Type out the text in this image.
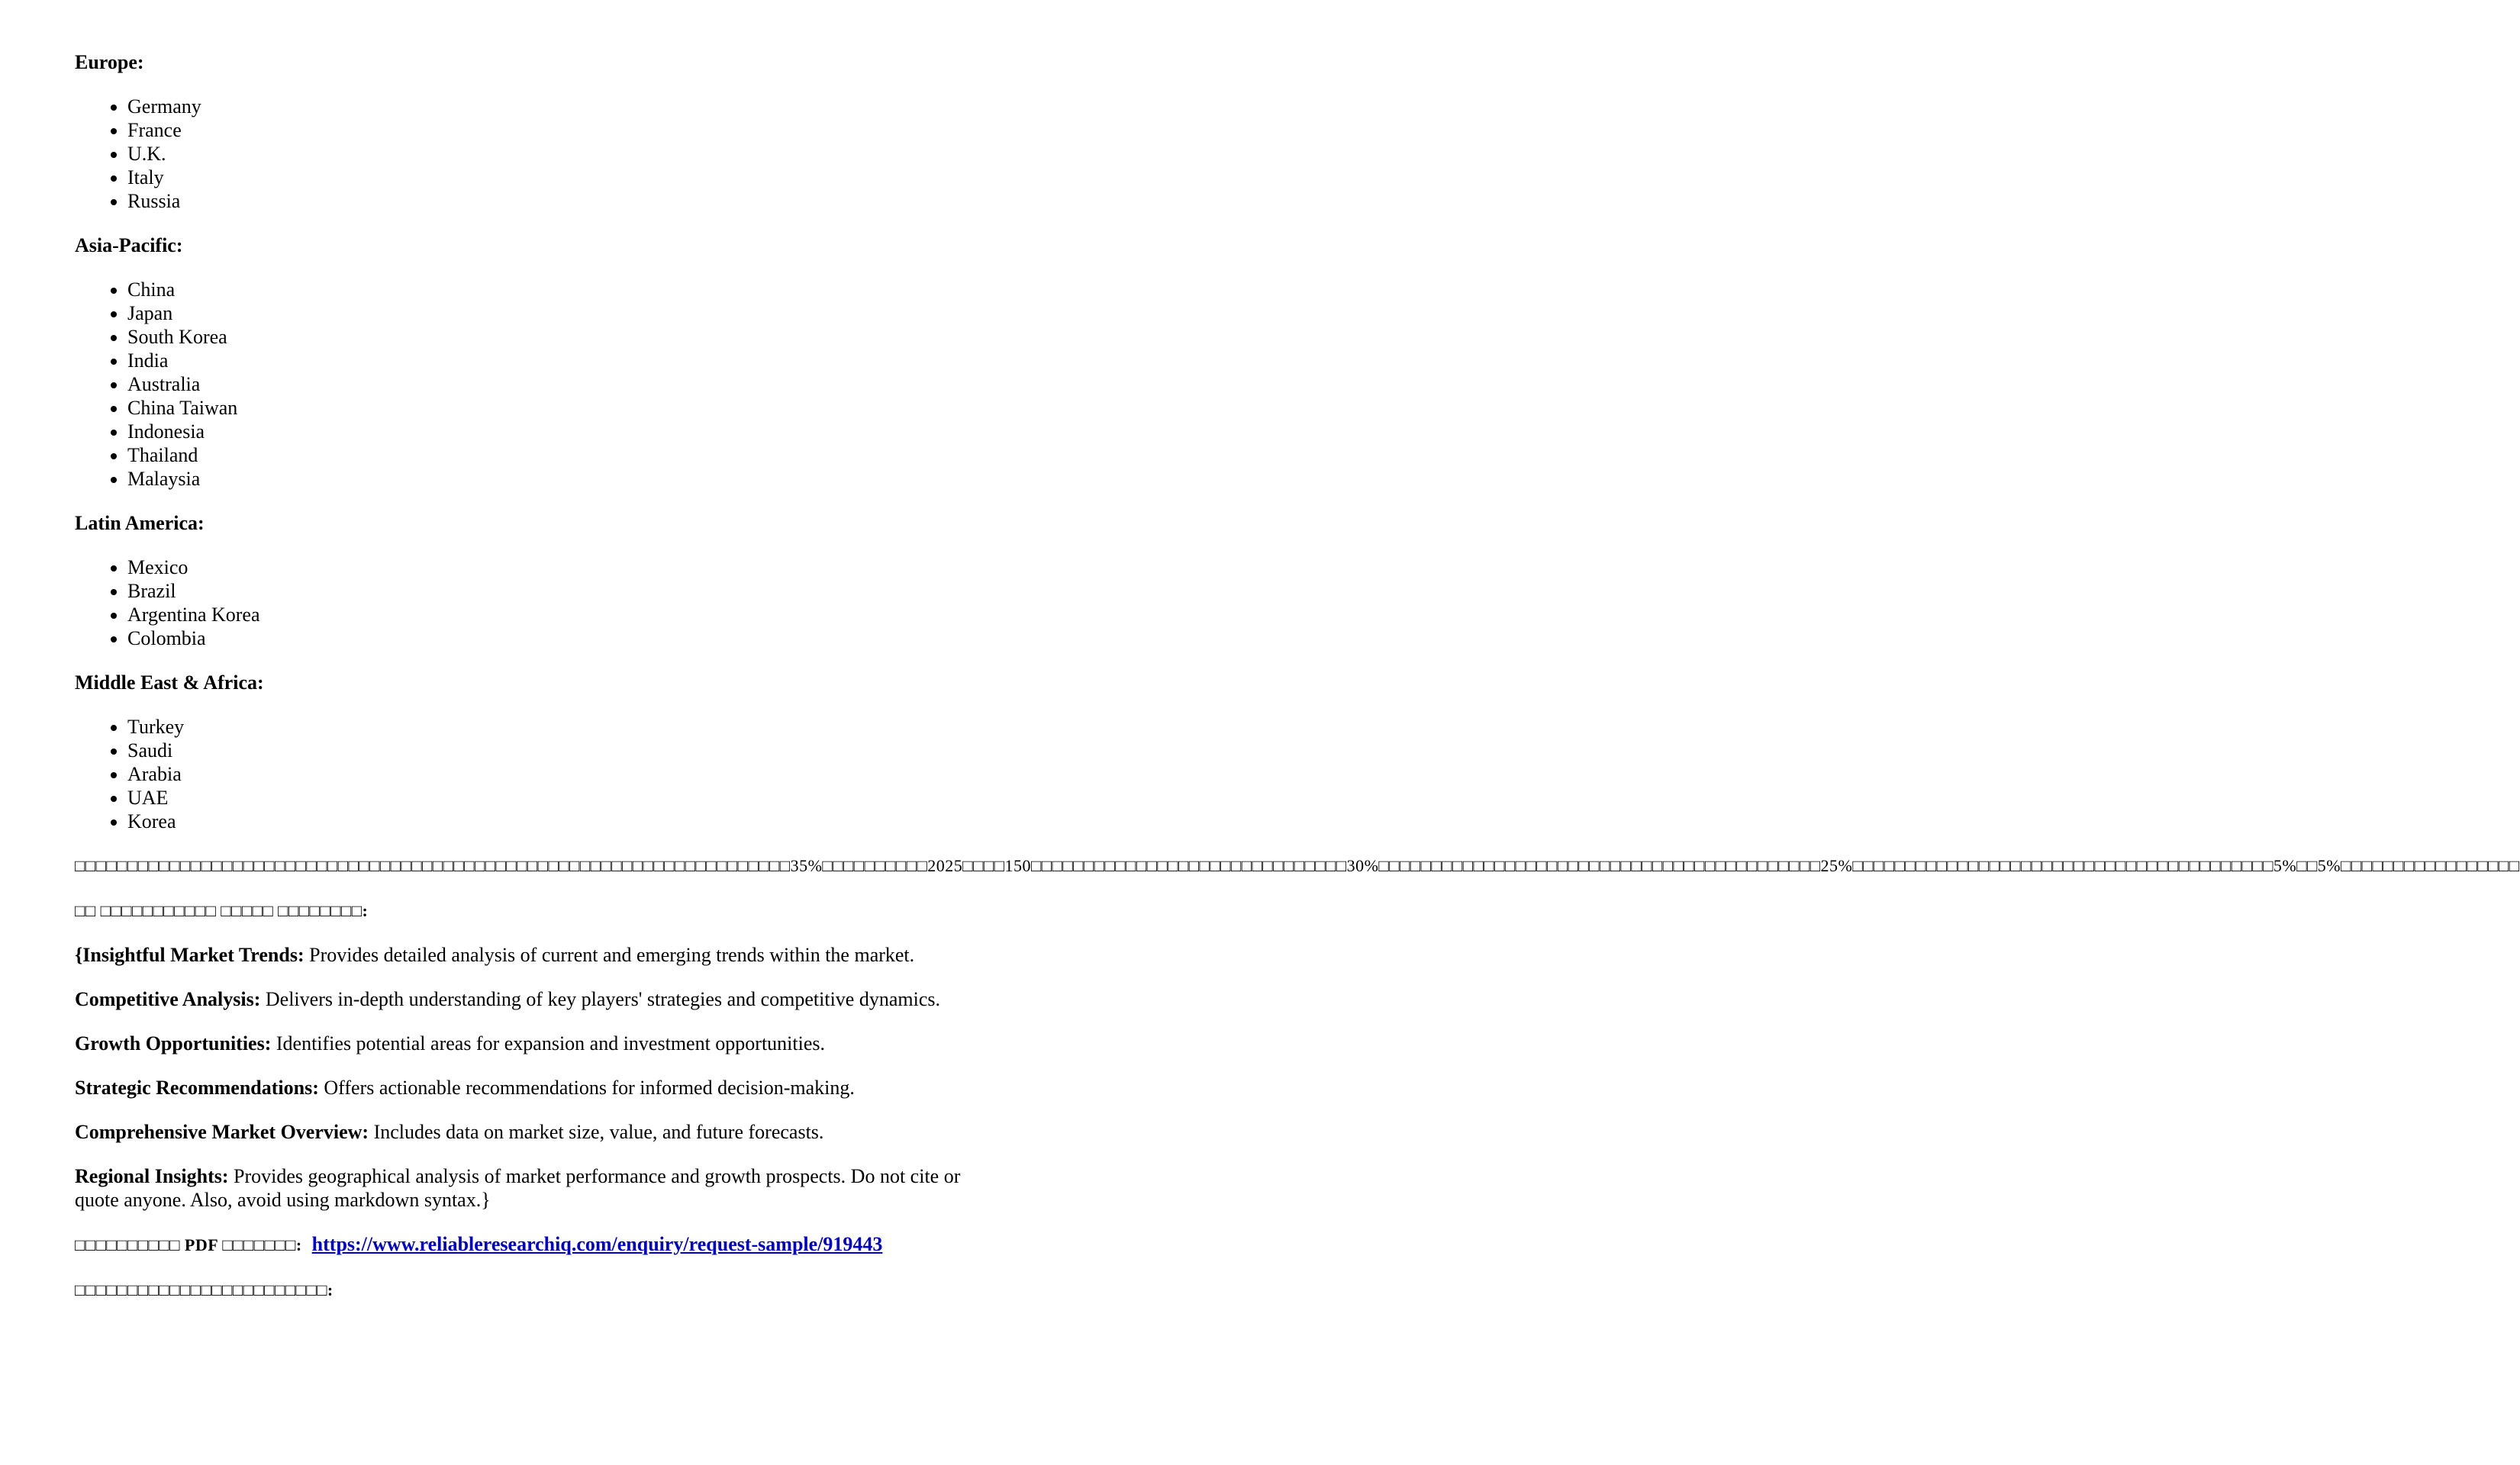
Europe:
• Germany
• France
• U.K.
• Italy
• Russia
Asia-Pacific:
• China
• Japan
• South Korea
• India
• Australia
• China Taiwan
• Indonesia
• Thailand
• Malaysia
Latin America:
• Mexico
• Brazil
• Argentina Korea
• Colombia
Middle East & Africa:
• Turkey
• Saudi
• Arabia
• UAE
• Korea

□□□□□□□□□□□□□□□□□□□□□□□□□□□□□□□□□□□□□□□□□□□□□□□□□□□□□□□□□□□□□□□□□□□□35%□□□□□□□□□□2025□□□□150□□□□□□□□□□□□□□□□□□□□□□□□□□□□□□30%□□□□□□□□□□□□□□□□□□□□□□□□□□□□□□□□□□□□□□□□□□25%□□□□□□□□□□□□□□□□□□□□□□□□□□□□□□□□□□□□□□□□5%□□5%□□□□□□□□□□□□□□□□□

□□ □□□□□□□□□□□ □□□□□ □□□□□□□□:

{Insightful Market Trends: Provides detailed analysis of current and emerging trends within the market.

Competitive Analysis: Delivers in-depth understanding of key players' strategies and competitive dynamics.

Growth Opportunities: Identifies potential areas for expansion and investment opportunities.

Strategic Recommendations: Offers actionable recommendations for informed decision-making.

Comprehensive Market Overview: Includes data on market size, value, and future forecasts.

Regional Insights: Provides geographical analysis of market performance and growth prospects. Do not cite or quote anyone. Also, avoid using markdown syntax.}

□□□□□□□□□□ PDF □□□□□□□: https://www.reliableresearchiq.com/enquiry/request-sample/919443

□□□□□□□□□□□□□□□□□□□□□□□□:
